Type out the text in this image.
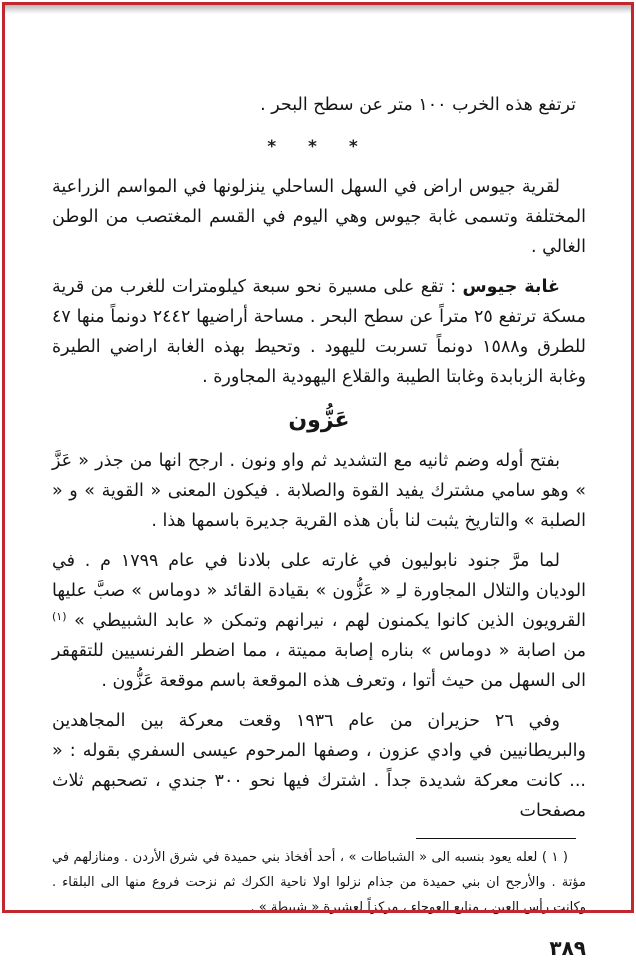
ترتفع هذه الخرب ١٠٠ متر عن سطح البحر .

* * *

لقرية جيوس اراض في السهل الساحلي ينزلونها في المواسم الزراعية المختلفة وتسمى غابة جيوس وهي اليوم في القسم المغتصب من الوطن الغالي .

غابة جيوس : تقع على مسيرة نحو سبعة كيلومترات للغرب من قرية مسكة ترتفع ٢٥ متراً عن سطح البحر . مساحة أراضيها ٢٤٤٢ دونماً منها ٤٧ للطرق و١٥٨٨ دونماً تسربت لليهود . وتحيط بهذه الغابة اراضي الطيرة وغابة الزبابدة وغابتا الطيبة والقلاع اليهودية المجاورة .

عَزُّون

بفتح أوله وضم ثانيه مع التشديد ثم واو ونون . ارجح انها من جذر « عَزَّ » وهو سامي مشترك يفيد القوة والصلابة . فيكون المعنى « القوية » و « الصلبة » والتاريخ يثبت لنا بأن هذه القرية جديرة باسمها هذا .

لما مرَّ جنود نابوليون في غارته على بلادنا في عام ١٧٩٩ م . في الوديان والتلال المجاورة لـِ « عَزُّون » بقيادة القائد « دوماس » صبَّ عليها القرويون الذين كانوا يكمنون لهم ، نيرانهم وتمكن « عابد الشبيطي » $^{(١)}$ من اصابة « دوماس » بناره إصابة مميتة ، مما اضطر الفرنسيين للتقهقر الى السهل من حيث أتوا ، وتعرف هذه الموقعة باسم موقعة عَزُّون .

وفي ٢٦ حزيران من عام ١٩٣٦ وقعت معركة بين المجاهدين والبريطانيين في وادي عزون ، وصفها المرحوم عيسى السفري بقوله : « ... كانت معركة شديدة جداً . اشترك فيها نحو ٣٠٠ جندي ، تصحبهم ثلاث مصفحات

( ١ ) لعله يعود بنسبه الى « الشباطات » ، أحد أفخاذ بني حميدة في شرق الأردن . ومنازلهم في مؤتة . والأرجح ان بني حميدة من جذام نزلوا اولا ناحية الكرك ثم نزحت فروع منها الى البلقاء . وكانت رأس العين ، منابع العوجاء ، مركزاً لعشيرة « شبيطة » .

٣٨٩
